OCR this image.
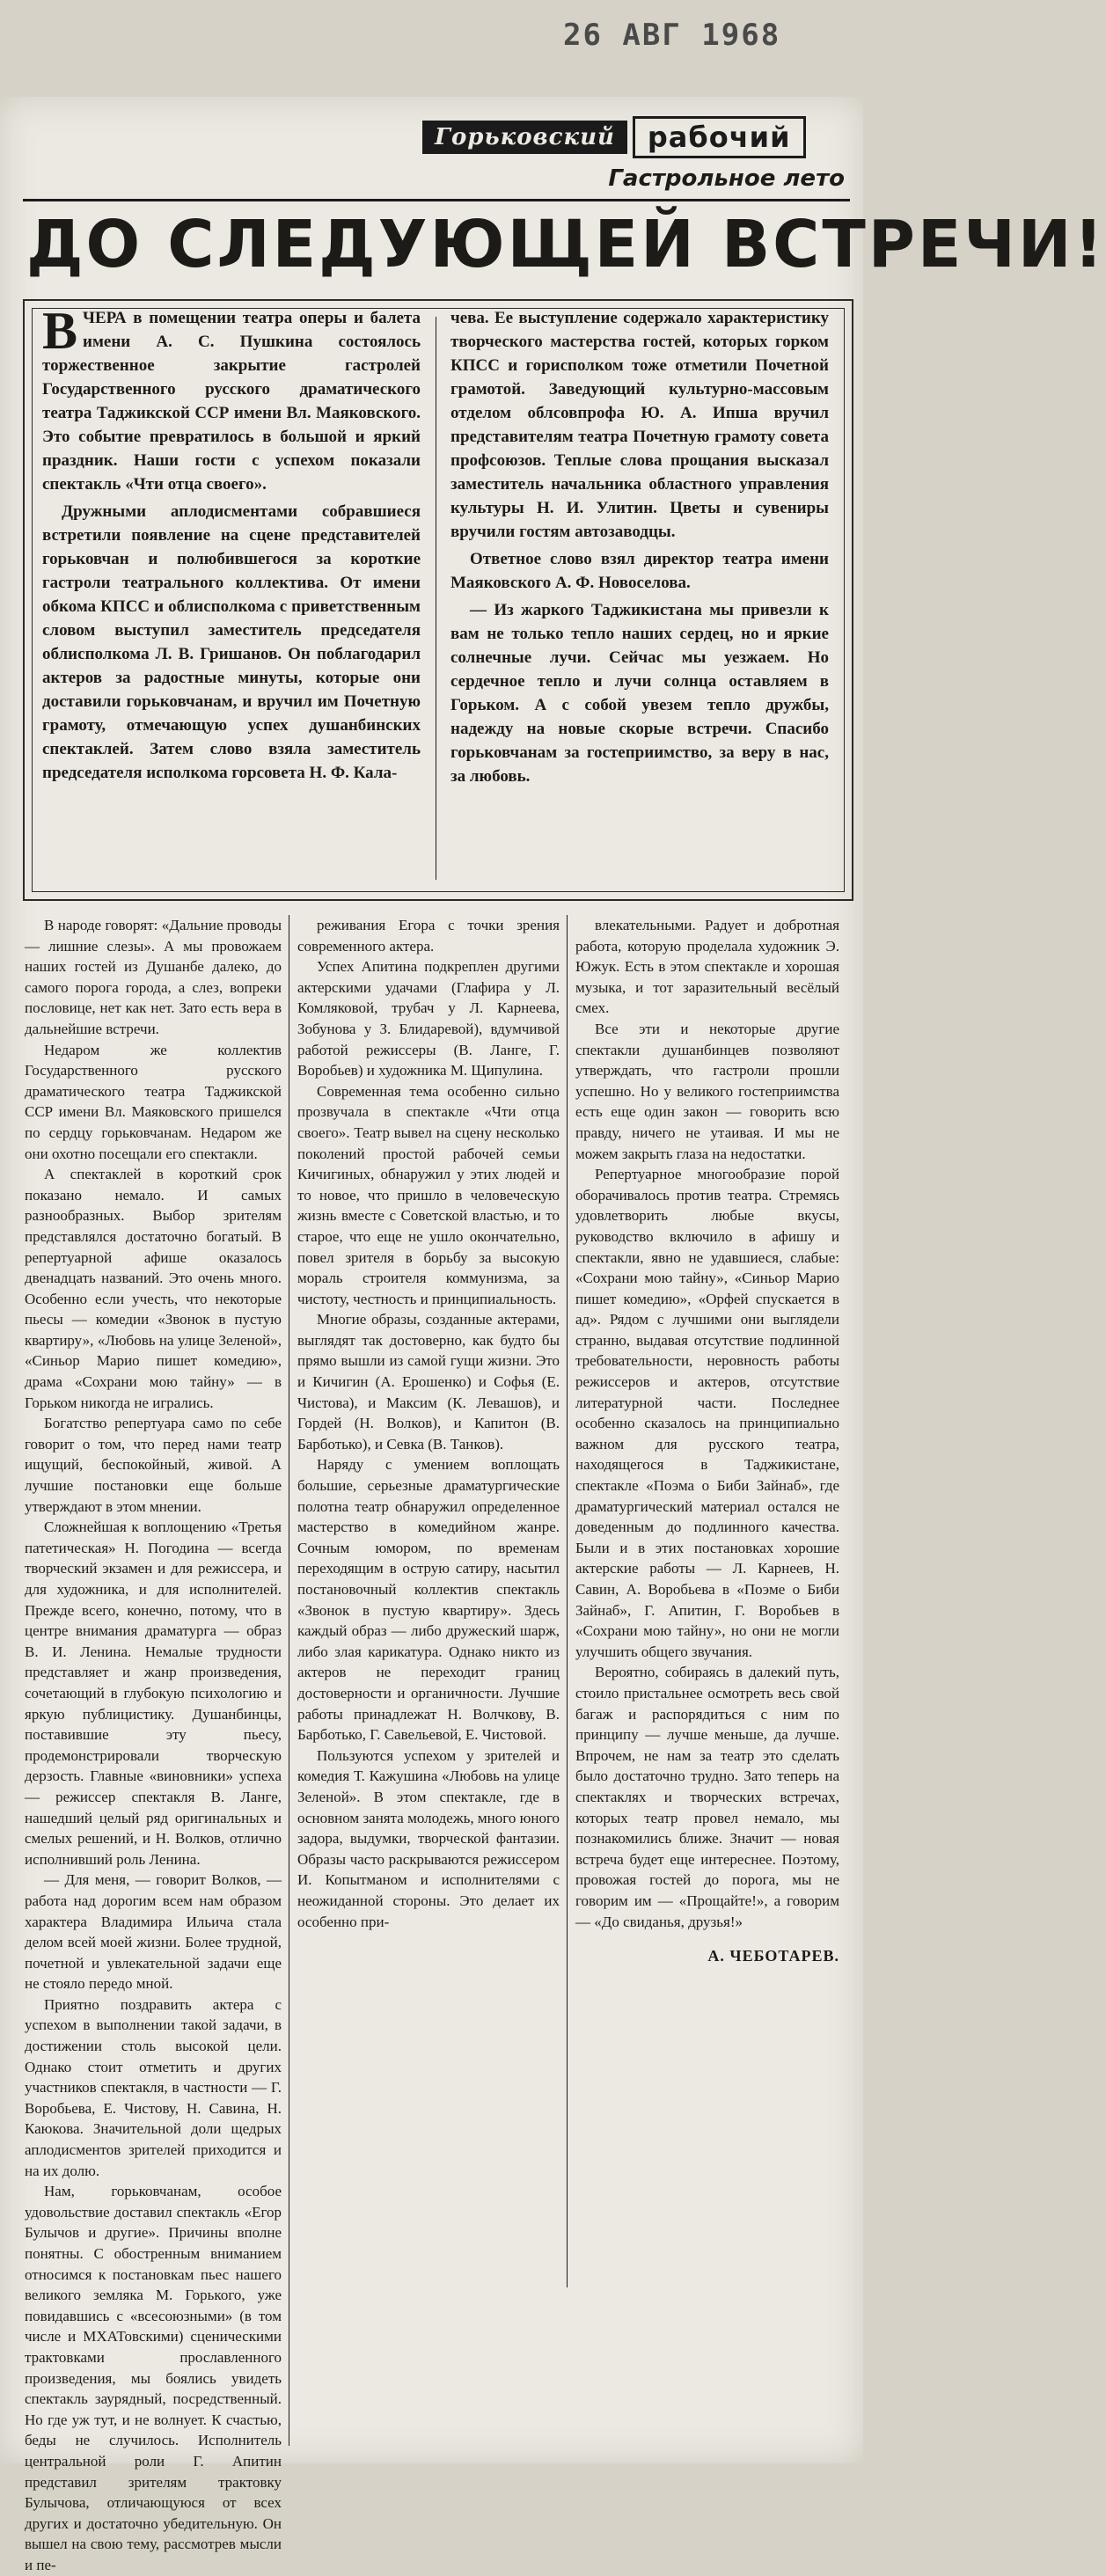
26 АВГ 1968
Горьковский	рабочий
Гастрольное лето
ДО СЛЕДУЮЩЕЙ ВСТРЕЧИ!

ВЧЕРА в помещении театра оперы и балета имени А. С. Пушкина состоялось торжественное закрытие гастролей Государственного русского драматического театра Таджикской ССР имени Вл. Маяковского. Это событие превратилось в большой и яркий праздник. Наши гости с успехом показали спектакль «Чти отца своего».

Дружными аплодисментами собравшиеся встретили появление на сцене представителей горьковчан и полюбившегося за короткие гастроли театрального коллектива. От имени обкома КПСС и облисполкома с приветственным словом выступил заместитель председателя облисполкома Л. В. Гришанов. Он поблагодарил актеров за радостные минуты, которые они доставили горьковчанам, и вручил им Почетную грамоту, отмечающую успех душанбинских спектаклей. Затем слово взяла заместитель председателя исполкома горсовета Н. Ф. Кала-

чева. Ее выступление содержало характеристику творческого мастерства гостей, которых горком КПСС и горисполком тоже отметили Почетной грамотой. Заведующий культурно-массовым отделом облсовпрофа Ю. А. Ипша вручил представителям театра Почетную грамоту совета профсоюзов. Теплые слова прощания высказал заместитель начальника областного управления культуры Н. И. Улитин. Цветы и сувениры вручили гостям автозаводцы.

Ответное слово взял директор театра имени Маяковского А. Ф. Новоселова.

— Из жаркого Таджикистана мы привезли к вам не только тепло наших сердец, но и яркие солнечные лучи. Сейчас мы уезжаем. Но сердечное тепло и лучи солнца оставляем в Горьком. А с собой увезем тепло дружбы, надежду на новые скорые встречи. Спасибо горьковчанам за гостеприимство, за веру в нас, за любовь.

В народе говорят: «Дальние проводы — лишние слезы». А мы провожаем наших гостей из Душанбе далеко, до самого порога города, а слез, вопреки пословице, нет как нет. Зато есть вера в дальнейшие встречи.

Недаром же коллектив Государственного русского драматического театра Таджикской ССР имени Вл. Маяковского пришелся по сердцу горьковчанам. Недаром же они охотно посещали его спектакли.

А спектаклей в короткий срок показано немало. И самых разнообразных. Выбор зрителям представлялся достаточно богатый. В репертуарной афише оказалось двенадцать названий. Это очень много. Особенно если учесть, что некоторые пьесы — комедии «Звонок в пустую квартиру», «Любовь на улице Зеленой», «Синьор Марио пишет комедию», драма «Сохрани мою тайну» — в Горьком никогда не игрались.

Богатство репертуара само по себе говорит о том, что перед нами театр ищущий, беспокойный, живой. А лучшие постановки еще больше утверждают в этом мнении.

Сложнейшая к воплощению «Третья патетическая» Н. Погодина — всегда творческий экзамен и для режиссера, и для художника, и для исполнителей. Прежде всего, конечно, потому, что в центре внимания драматурга — образ В. И. Ленина. Немалые трудности представляет и жанр произведения, сочетающий в глубокую психологию и яркую публицистику. Душанбинцы, поставившие эту пьесу, продемонстрировали творческую дерзость. Главные «виновники» успеха — режиссер спектакля В. Ланге, нашедший целый ряд оригинальных и смелых решений, и Н. Волков, отлично исполнивший роль Ленина.

— Для меня, — говорит Волков, — работа над дорогим всем нам образом характера Владимира Ильича стала делом всей моей жизни. Более трудной, почетной и увлекательной задачи еще не стояло передо мной.

Приятно поздравить актера с успехом в выполнении такой задачи, в достижении столь высокой цели. Однако стоит отметить и других участников спектакля, в частности — Г. Воробьева, Е. Чистову, Н. Савина, Н. Каюкова. Значительной доли щедрых аплодисментов зрителей приходится и на их долю.

Нам, горьковчанам, особое удовольствие доставил спектакль «Егор Булычов и другие». Причины вполне понятны. С обостренным вниманием относимся к постановкам пьес нашего великого земляка М. Горького, уже повидавшись с «всесоюзными» (в том числе и МХАТовскими) сценическими трактовками прославленного произведения, мы боялись увидеть спектакль заурядный, посредственный. Но где уж тут, и не волнует. К счастью, беды не случилось. Исполнитель центральной роли Г. Апитин представил зрителям трактовку Булычова, отличающуюся от всех других и достаточно убедительную. Он вышел на свою тему, рассмотрев мысли и пе-

реживания Егора с точки зрения современного актера.

Успех Апитина подкреплен другими актерскими удачами (Глафира у Л. Комляковой, трубач у Л. Карнеева, Зобунова у З. Блидаревой), вдумчивой работой режиссеры (В. Ланге, Г. Воробьев) и художника М. Щипулина.

Современная тема особенно сильно прозвучала в спектакле «Чти отца своего». Театр вывел на сцену несколько поколений простой рабочей семьи Кичигиных, обнаружил у этих людей и то новое, что пришло в человеческую жизнь вместе с Советской властью, и то старое, что еще не ушло окончательно, повел зрителя в борьбу за высокую мораль строителя коммунизма, за чистоту, честность и принципиальность.

Многие образы, созданные актерами, выглядят так достоверно, как будто бы прямо вышли из самой гущи жизни. Это и Кичигин (А. Ерошенко) и Софья (Е. Чистова), и Максим (К. Левашов), и Гордей (Н. Волков), и Капитон (В. Барботько), и Севка (В. Танков).

Наряду с умением воплощать большие, серьезные драматургические полотна театр обнаружил определенное мастерство в комедийном жанре. Сочным юмором, по временам переходящим в острую сатиру, насытил постановочный коллектив спектакль «Звонок в пустую квартиру». Здесь каждый образ — либо дружеский шарж, либо злая карикатура. Однако никто из актеров не переходит границ достоверности и органичности. Лучшие работы принадлежат Н. Волчкову, В. Барботько, Г. Савельевой, Е. Чистовой.

Пользуются успехом у зрителей и комедия Т. Кажушина «Любовь на улице Зеленой». В этом спектакле, где в основном занята молодежь, много юного задора, выдумки, творческой фантазии. Образы часто раскрываются режиссером И. Копытманом и исполнителями с неожиданной стороны. Это делает их особенно при-

влекательными. Радует и добротная работа, которую проделала художник Э. Южук. Есть в этом спектакле и хорошая музыка, и тот заразительный весёлый смех.

Все эти и некоторые другие спектакли душанбинцев позволяют утверждать, что гастроли прошли успешно. Но у великого гостеприимства есть еще один закон — говорить всю правду, ничего не утаивая. И мы не можем закрыть глаза на недостатки.

Репертуарное многообразие порой оборачивалось против театра. Стремясь удовлетворить любые вкусы, руководство включило в афишу и спектакли, явно не удавшиеся, слабые: «Сохрани мою тайну», «Синьор Марио пишет комедию», «Орфей спускается в ад». Рядом с лучшими они выглядели странно, выдавая отсутствие подлинной требовательности, неровность работы режиссеров и актеров, отсутствие литературной части. Последнее особенно сказалось на принципиально важном для русского театра, находящегося в Таджикистане, спектакле «Поэма о Биби Зайнаб», где драматургический материал остался не доведенным до подлинного качества. Были и в этих постановках хорошие актерские работы — Л. Карнеев, Н. Савин, А. Воробьева в «Поэме о Биби Зайнаб», Г. Апитин, Г. Воробьев в «Сохрани мою тайну», но они не могли улучшить общего звучания.

Вероятно, собираясь в далекий путь, стоило пристальнее осмотреть весь свой багаж и распорядиться с ним по принципу — лучше меньше, да лучше. Впрочем, не нам за театр это сделать было достаточно трудно. Зато теперь на спектаклях и творческих встречах, которых театр провел немало, мы познакомились ближе. Значит — новая встреча будет еще интереснее. Поэтому, провожая гостей до порога, мы не говорим им — «Прощайте!», а говорим — «До свиданья, друзья!»

А. ЧЕБОТАРЕВ.
